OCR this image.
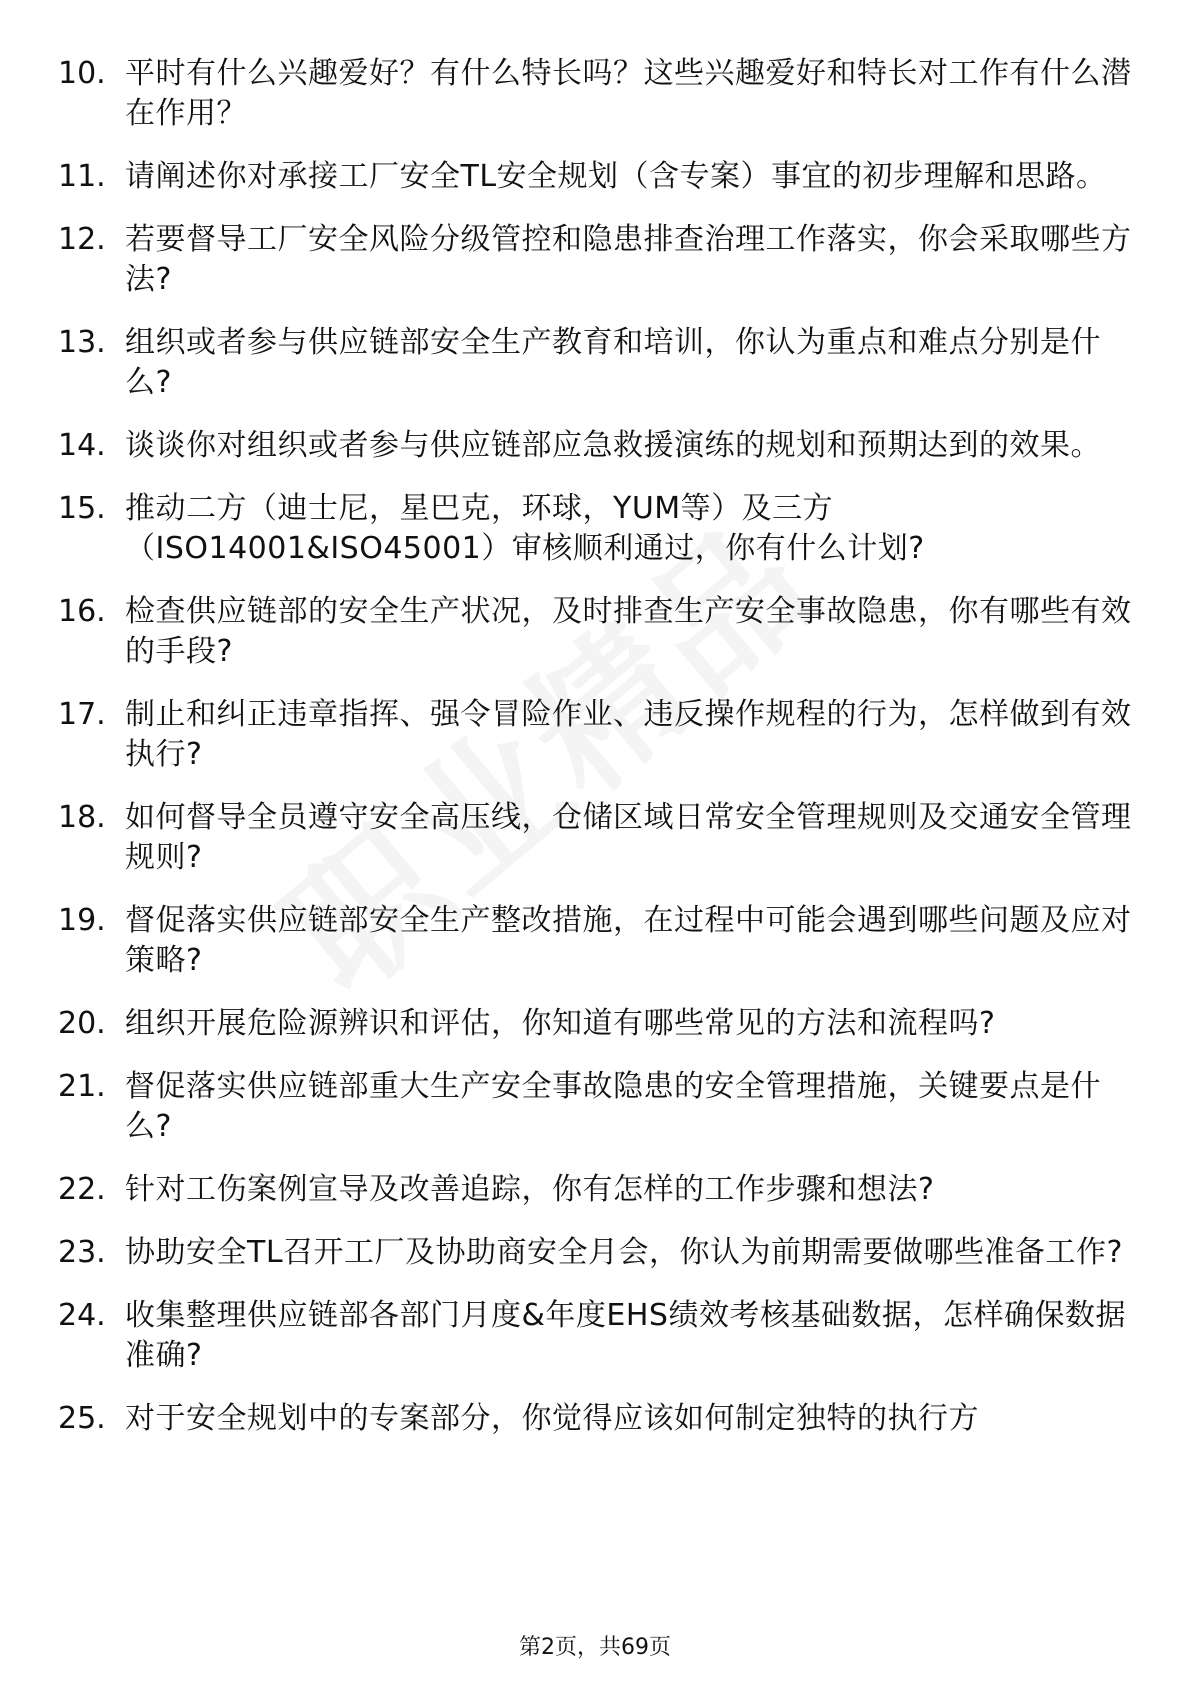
10. 平时有什么兴趣爱好？有什么特长吗？这些兴趣爱好和特长对工作有什么潜在作用？
11. 请阐述你对承接工厂安全TL安全规划（含专案）事宜的初步理解和思路。
12. 若要督导工厂安全风险分级管控和隐患排查治理工作落实，你会采取哪些方法?
13. 组织或者参与供应链部安全生产教育和培训，你认为重点和难点分别是什么?
14. 谈谈你对组织或者参与供应链部应急救援演练的规划和预期达到的效果。
15. 推动二方（迪士尼，星巴克，环球，YUM等）及三方（ISO14001&ISO45001）审核顺利通过，你有什么计划?
16. 检查供应链部的安全生产状况，及时排查生产安全事故隐患，你有哪些有效的手段?
17. 制止和纠正违章指挥、强令冒险作业、违反操作规程的行为，怎样做到有效执行?
18. 如何督导全员遵守安全高压线，仓储区域日常安全管理规则及交通安全管理规则?
19. 督促落实供应链部安全生产整改措施，在过程中可能会遇到哪些问题及应对策略?
20. 组织开展危险源辨识和评估，你知道有哪些常见的方法和流程吗?
21. 督促落实供应链部重大生产安全事故隐患的安全管理措施，关键要点是什么?
22. 针对工伤案例宣导及改善追踪，你有怎样的工作步骤和想法?
23. 协助安全TL召开工厂及协助商安全月会，你认为前期需要做哪些准备工作?
24. 收集整理供应链部各部门月度&年度EHS绩效考核基础数据，怎样确保数据准确?
25. 对于安全规划中的专案部分，你觉得应该如何制定独特的执行方
第2页，共69页
